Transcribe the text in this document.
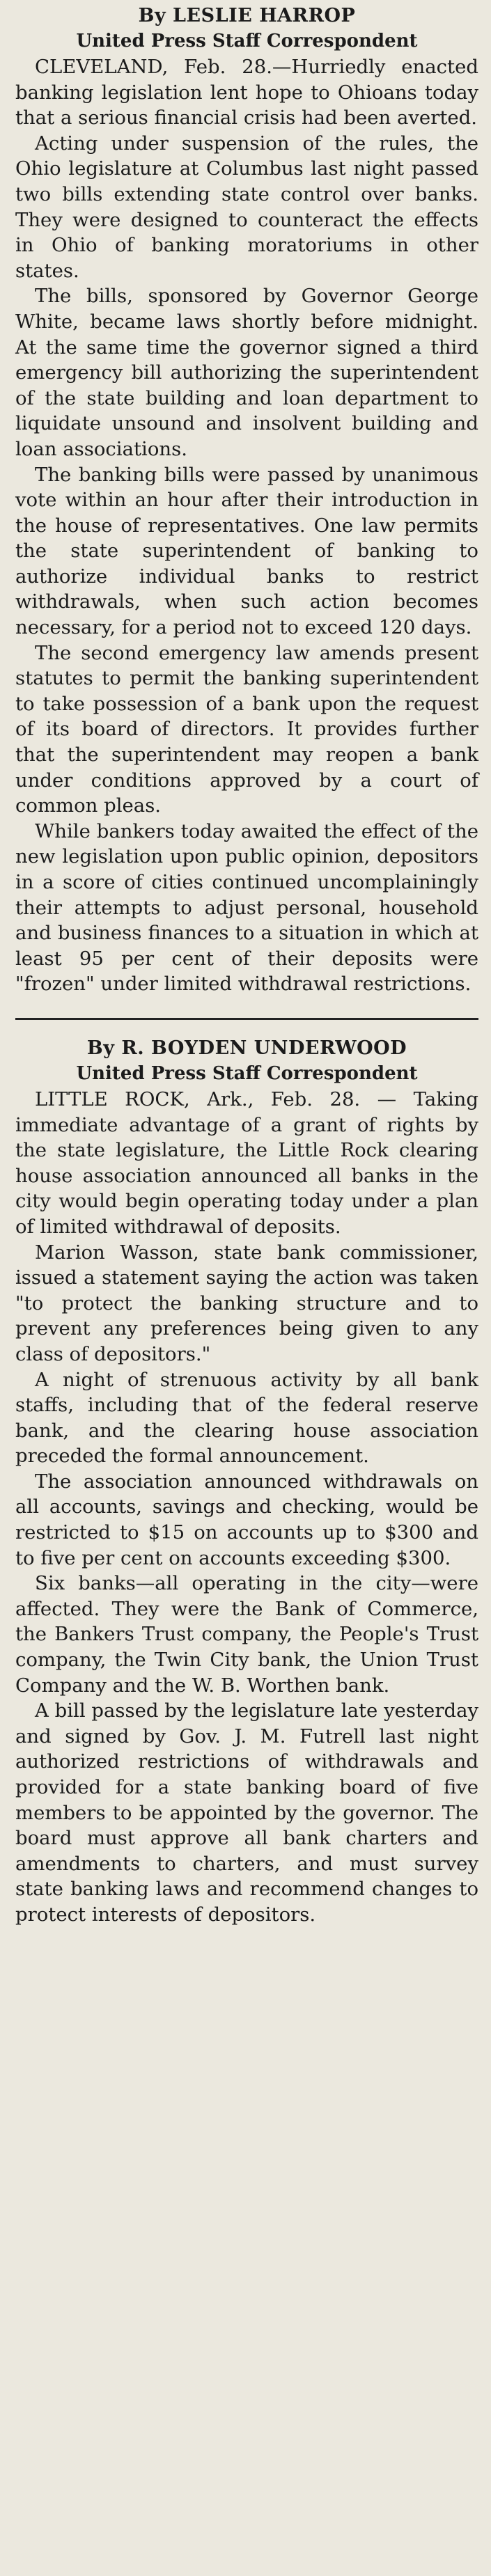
By LESLIE HARROP

United Press Staff Correspondent

CLEVELAND, Feb. 28.—Hurriedly enacted banking legislation lent hope to Ohioans today that a serious financial crisis had been averted.

Acting under suspension of the rules, the Ohio legislature at Columbus last night passed two bills extending state control over banks. They were designed to counteract the effects in Ohio of banking moratoriums in other states.

The bills, sponsored by Governor George White, became laws shortly before midnight. At the same time the governor signed a third emergency bill authorizing the superintendent of the state building and loan department to liquidate unsound and insolvent building and loan associations.

The banking bills were passed by unanimous vote within an hour after their introduction in the house of representatives. One law permits the state superintendent of banking to authorize individual banks to restrict withdrawals, when such action becomes necessary, for a period not to exceed 120 days.

The second emergency law amends present statutes to permit the banking superintendent to take possession of a bank upon the request of its board of directors. It provides further that the superintendent may reopen a bank under conditions approved by a court of common pleas.

While bankers today awaited the effect of the new legislation upon public opinion, depositors in a score of cities continued uncomplainingly their attempts to adjust personal, household and business finances to a situation in which at least 95 per cent of their deposits were "frozen" under limited withdrawal restrictions.

By R. BOYDEN UNDERWOOD

United Press Staff Correspondent

LITTLE ROCK, Ark., Feb. 28. — Taking immediate advantage of a grant of rights by the state legislature, the Little Rock clearing house association announced all banks in the city would begin operating today under a plan of limited withdrawal of deposits.

Marion Wasson, state bank commissioner, issued a statement saying the action was taken "to protect the banking structure and to prevent any preferences being given to any class of depositors."

A night of strenuous activity by all bank staffs, including that of the federal reserve bank, and the clearing house association preceded the formal announcement.

The association announced withdrawals on all accounts, savings and checking, would be restricted to $15 on accounts up to $300 and to five per cent on accounts exceeding $300.

Six banks—all operating in the city—were affected. They were the Bank of Commerce, the Bankers Trust company, the People's Trust company, the Twin City bank, the Union Trust Company and the W. B. Worthen bank.

A bill passed by the legislature late yesterday and signed by Gov. J. M. Futrell last night authorized restrictions of withdrawals and provided for a state banking board of five members to be appointed by the governor. The board must approve all bank charters and amendments to charters, and must survey state banking laws and recommend changes to protect interests of depositors.
